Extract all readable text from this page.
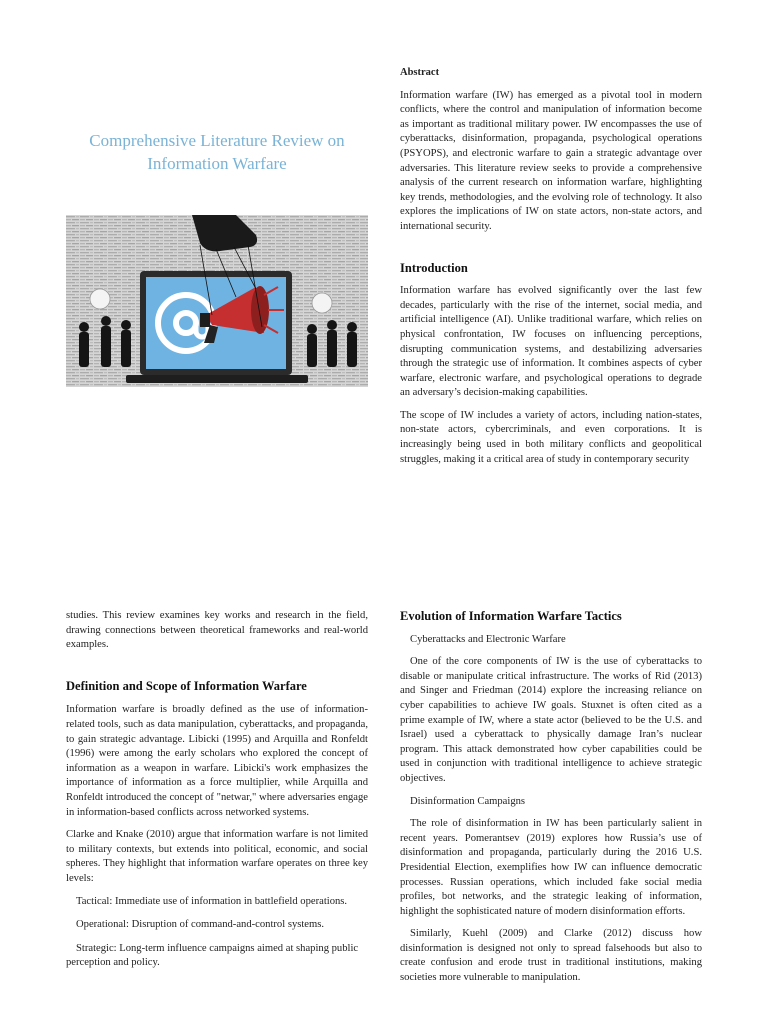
Comprehensive Literature Review on Information Warfare
Abstract

Information warfare (IW) has emerged as a pivotal tool in modern conflicts, where the control and manipulation of information become as important as traditional military power. IW encompasses the use of cyberattacks, disinformation, propaganda, psychological operations (PSYOPS), and electronic warfare to gain a strategic advantage over adversaries. This literature review seeks to provide a comprehensive analysis of the current research on information warfare, highlighting key trends, methodologies, and the evolving role of technology. It also explores the implications of IW on state actors, non-state actors, and international security.

Introduction

Information warfare has evolved significantly over the last few decades, particularly with the rise of the internet, social media, and artificial intelligence (AI). Unlike traditional warfare, which relies on physical confrontation, IW focuses on influencing perceptions, disrupting communication systems, and destabilizing adversaries through the strategic use of information. It combines aspects of cyber warfare, electronic warfare, and psychological operations to degrade an adversary’s decision-making capabilities.

The scope of IW includes a variety of actors, including nation-states, non-state actors, cybercriminals, and even corporations. It is increasingly being used in both military conflicts and geopolitical struggles, making it a critical area of study in contemporary security

studies. This review examines key works and research in the field, drawing connections between theoretical frameworks and real-world examples.

Definition and Scope of Information Warfare

Information warfare is broadly defined as the use of information-related tools, such as data manipulation, cyberattacks, and propaganda, to gain strategic advantage. Libicki (1995) and Arquilla and Ronfeldt (1996) were among the early scholars who explored the concept of information as a weapon in warfare. Libicki's work emphasizes the importance of information as a force multiplier, while Arquilla and Ronfeldt introduced the concept of "netwar," where adversaries engage in information-based conflicts across networked systems.

Clarke and Knake (2010) argue that information warfare is not limited to military contexts, but extends into political, economic, and social spheres. They highlight that information warfare operates on three key levels:

Tactical: Immediate use of information in battlefield operations.

Operational: Disruption of command-and-control systems.

Strategic: Long-term influence campaigns aimed at shaping public perception and policy.

Evolution of Information Warfare Tactics

Cyberattacks and Electronic Warfare

One of the core components of IW is the use of cyberattacks to disable or manipulate critical infrastructure. The works of Rid (2013) and Singer and Friedman (2014) explore the increasing reliance on cyber capabilities to achieve IW goals. Stuxnet is often cited as a prime example of IW, where a state actor (believed to be the U.S. and Israel) used a cyberattack to physically damage Iran’s nuclear program. This attack demonstrated how cyber capabilities could be used in conjunction with traditional intelligence to achieve strategic objectives.

Disinformation Campaigns

The role of disinformation in IW has been particularly salient in recent years. Pomerantsev (2019) explores how Russia’s use of disinformation and propaganda, particularly during the 2016 U.S. Presidential Election, exemplifies how IW can influence democratic processes. Russian operations, which included fake social media profiles, bot networks, and the strategic leaking of information, highlight the sophisticated nature of modern disinformation efforts.

Similarly, Kuehl (2009) and Clarke (2012) discuss how disinformation is designed not only to spread falsehoods but also to create confusion and erode trust in traditional institutions, making societies more vulnerable to manipulation.
